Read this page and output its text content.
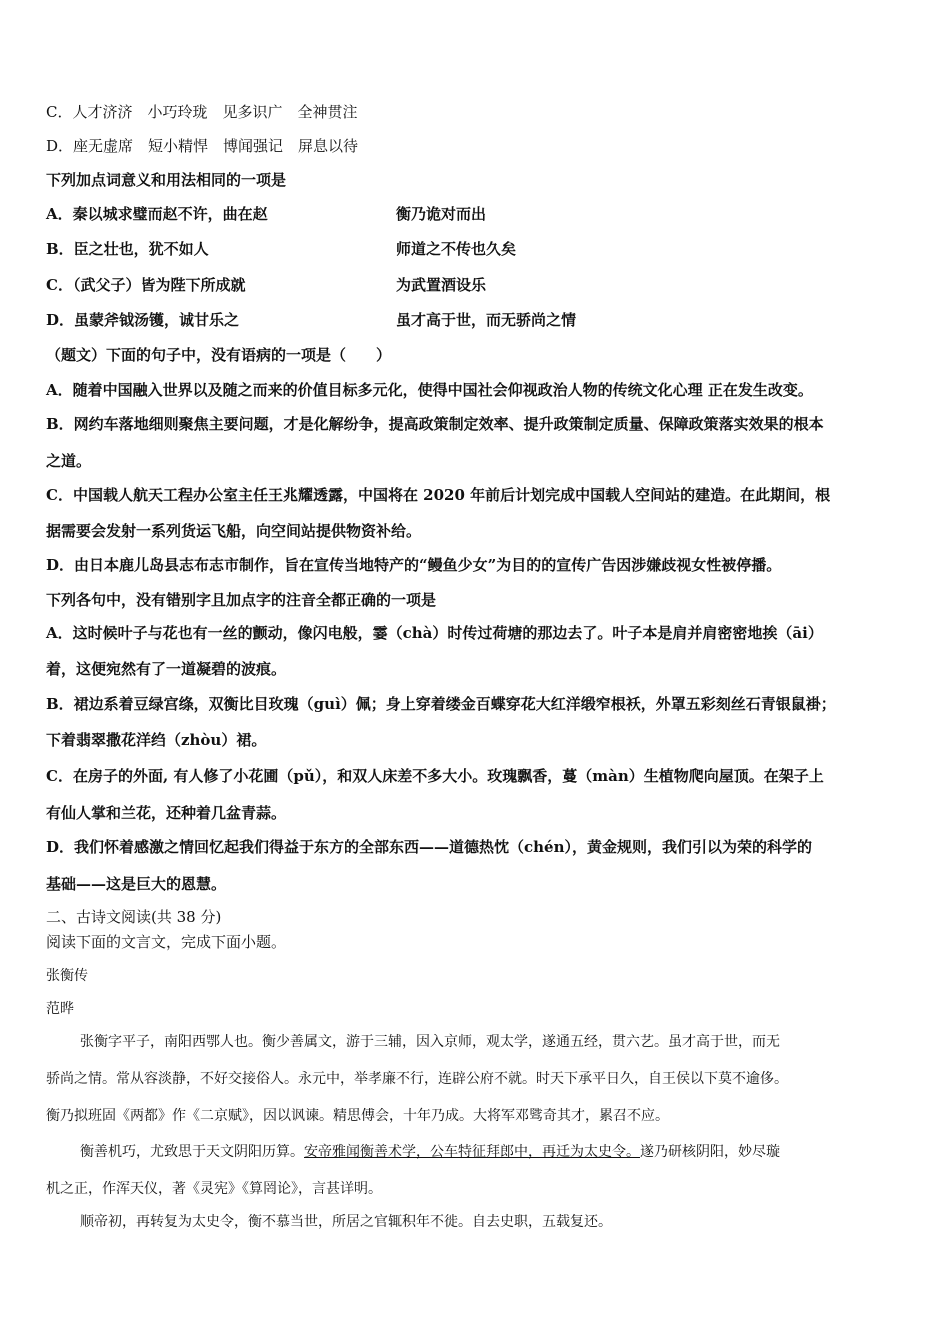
C．人才济济　小巧玲珑　见多识广　全神贯注
D．座无虚席　短小精悍　博闻强记　屏息以待
下列加点词意义和用法相同的一项是
A．秦以城求璧而赵不许，曲在赵	衡乃诡对而出
B．臣之壮也，犹不如人	师道之不传也久矣
C．（武父子）皆为陛下所成就	为武置酒设乐
D．虽蒙斧钺汤镬，诚甘乐之	虽才高于世，而无骄尚之情
（题文）下面的句子中，没有语病的一项是（　　）
A．随着中国融入世界以及随之而来的价值目标多元化，使得中国社会仰视政治人物的传统文化心理 正在发生改变。
B．网约车落地细则聚焦主要问题，才是化解纷争，提高政策制定效率、提升政策制定质量、保障政策落实效果的根本
之道。
C．中国载人航天工程办公室主任王兆耀透露，中国将在 2020 年前后计划完成中国载人空间站的建造。在此期间，根
据需要会发射一系列货运飞船，向空间站提供物资补给。
D．由日本鹿儿岛县志布志市制作，旨在宣传当地特产的“鳗鱼少女”为目的的宣传广告因涉嫌歧视女性被停播。
下列各句中，没有错别字且加点字的注音全都正确的一项是
A．这时候叶子与花也有一丝的颤动，像闪电般，霎（chà）时传过荷塘的那边去了。叶子本是肩并肩密密地挨（āi）
着，这便宛然有了一道凝碧的波痕。
B．裙边系着豆绿宫绦，双衡比目玫瑰（guì）佩；身上穿着缕金百蝶穿花大红洋缎窄根袄，外罩五彩刻丝石青银鼠褂；
下着翡翠撒花洋绉（zhòu）裙。
C．在房子的外面, 有人修了小花圃（pǔ），和双人床差不多大小。玫瑰飘香，蔓（màn）生植物爬向屋顶。在架子上
有仙人掌和兰花，还种着几盆青蒜。
D．我们怀着感激之情回忆起我们得益于东方的全部东西——道德热忱（chén），黄金规则，我们引以为荣的科学的
基础——这是巨大的恩慧。
二、古诗文阅读(共 38 分)
阅读下面的文言文，完成下面小题。
张衡传
范晔
张衡字平子，南阳西鄂人也。衡少善属文，游于三辅，因入京师，观太学，遂通五经，贯六艺。虽才高于世，而无
骄尚之情。常从容淡静，不好交接俗人。永元中，举孝廉不行，连辟公府不就。时天下承平日久，自王侯以下莫不逾侈。
衡乃拟班固《两都》作《二京赋》，因以讽谏。精思傅会，十年乃成。大将军邓骘奇其才，累召不应。
衡善机巧，尤致思于天文阴阳历算。安帝雅闻衡善术学，公车特征拜郎中，再迁为太史令。遂乃研核阴阳，妙尽璇
机之正，作浑天仪，著《灵宪》《算罔论》，言甚详明。
顺帝初，再转复为太史令，衡不慕当世，所居之官辄积年不徙。自去史职，五载复还。
